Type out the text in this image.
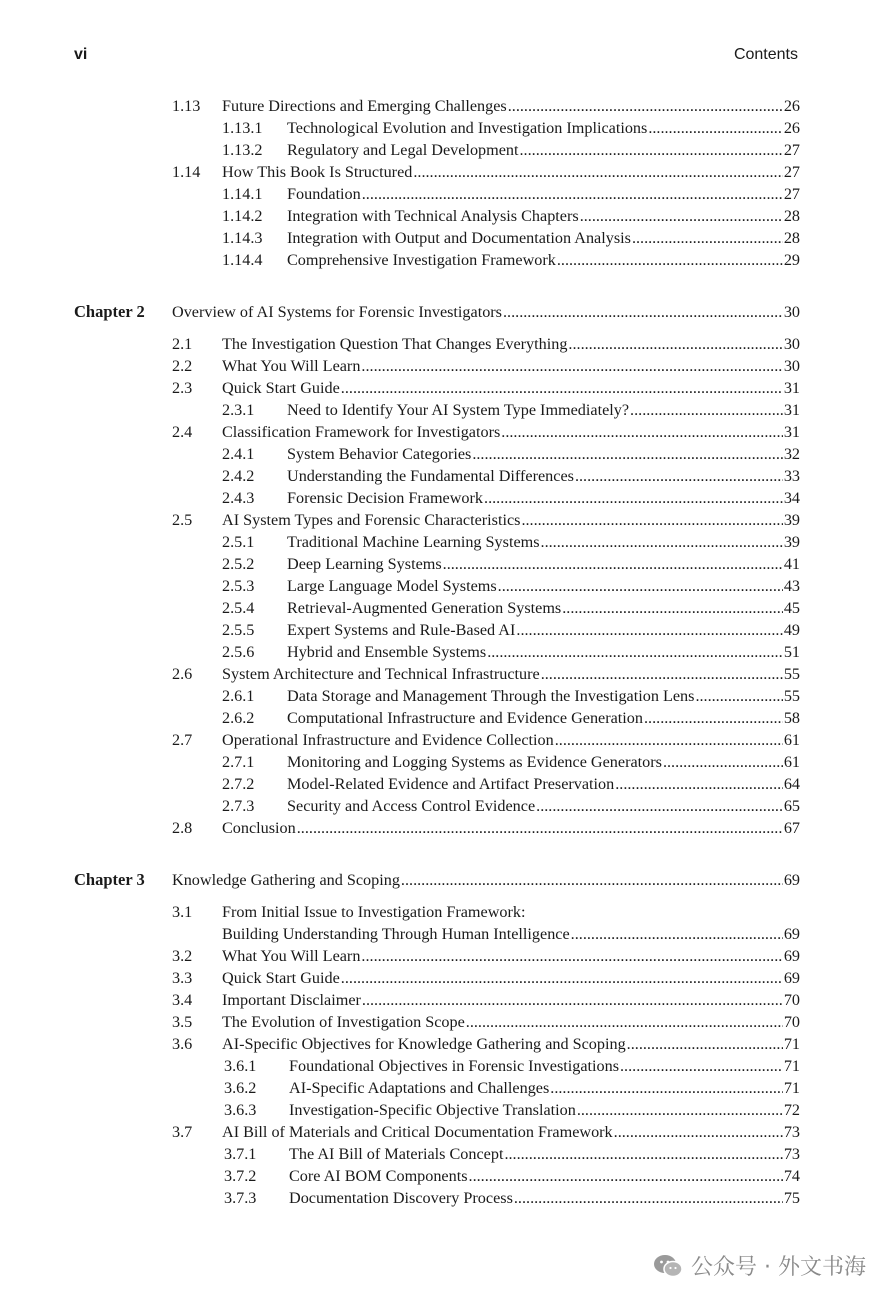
vi	Contents
1.13 Future Directions and Emerging Challenges .....	26
1.13.1 Technological Evolution and Investigation Implications .....	26
1.13.2 Regulatory and Legal Development .....	27
1.14 How This Book Is Structured .....	27
1.14.1 Foundation .....	27
1.14.2 Integration with Technical Analysis Chapters .....	28
1.14.3 Integration with Output and Documentation Analysis .....	28
1.14.4 Comprehensive Investigation Framework .....	29
Chapter 2 Overview of AI Systems for Forensic Investigators .....	30
2.1 The Investigation Question That Changes Everything .....	30
2.2 What You Will Learn .....	30
2.3 Quick Start Guide .....	31
2.3.1 Need to Identify Your AI System Type Immediately? .....	31
2.4 Classification Framework for Investigators .....	31
2.4.1 System Behavior Categories .....	32
2.4.2 Understanding the Fundamental Differences .....	33
2.4.3 Forensic Decision Framework .....	34
2.5 AI System Types and Forensic Characteristics .....	39
2.5.1 Traditional Machine Learning Systems .....	39
2.5.2 Deep Learning Systems .....	41
2.5.3 Large Language Model Systems .....	43
2.5.4 Retrieval-Augmented Generation Systems .....	45
2.5.5 Expert Systems and Rule-Based AI .....	49
2.5.6 Hybrid and Ensemble Systems .....	51
2.6 System Architecture and Technical Infrastructure .....	55
2.6.1 Data Storage and Management Through the Investigation Lens .....	55
2.6.2 Computational Infrastructure and Evidence Generation .....	58
2.7 Operational Infrastructure and Evidence Collection .....	61
2.7.1 Monitoring and Logging Systems as Evidence Generators .....	61
2.7.2 Model-Related Evidence and Artifact Preservation .....	64
2.7.3 Security and Access Control Evidence .....	65
2.8 Conclusion .....	67
Chapter 3 Knowledge Gathering and Scoping .....	69
3.1 From Initial Issue to Investigation Framework:
Building Understanding Through Human Intelligence .....	69
3.2 What You Will Learn .....	69
3.3 Quick Start Guide .....	69
3.4 Important Disclaimer .....	70
3.5 The Evolution of Investigation Scope .....	70
3.6 AI-Specific Objectives for Knowledge Gathering and Scoping .....	71
3.6.1 Foundational Objectives in Forensic Investigations .....	71
3.6.2 AI-Specific Adaptations and Challenges .....	71
3.6.3 Investigation-Specific Objective Translation .....	72
3.7 AI Bill of Materials and Critical Documentation Framework .....	73
3.7.1 The AI Bill of Materials Concept .....	73
3.7.2 Core AI BOM Components .....	74
3.7.3 Documentation Discovery Process .....	75
公众号 · 外文书海
